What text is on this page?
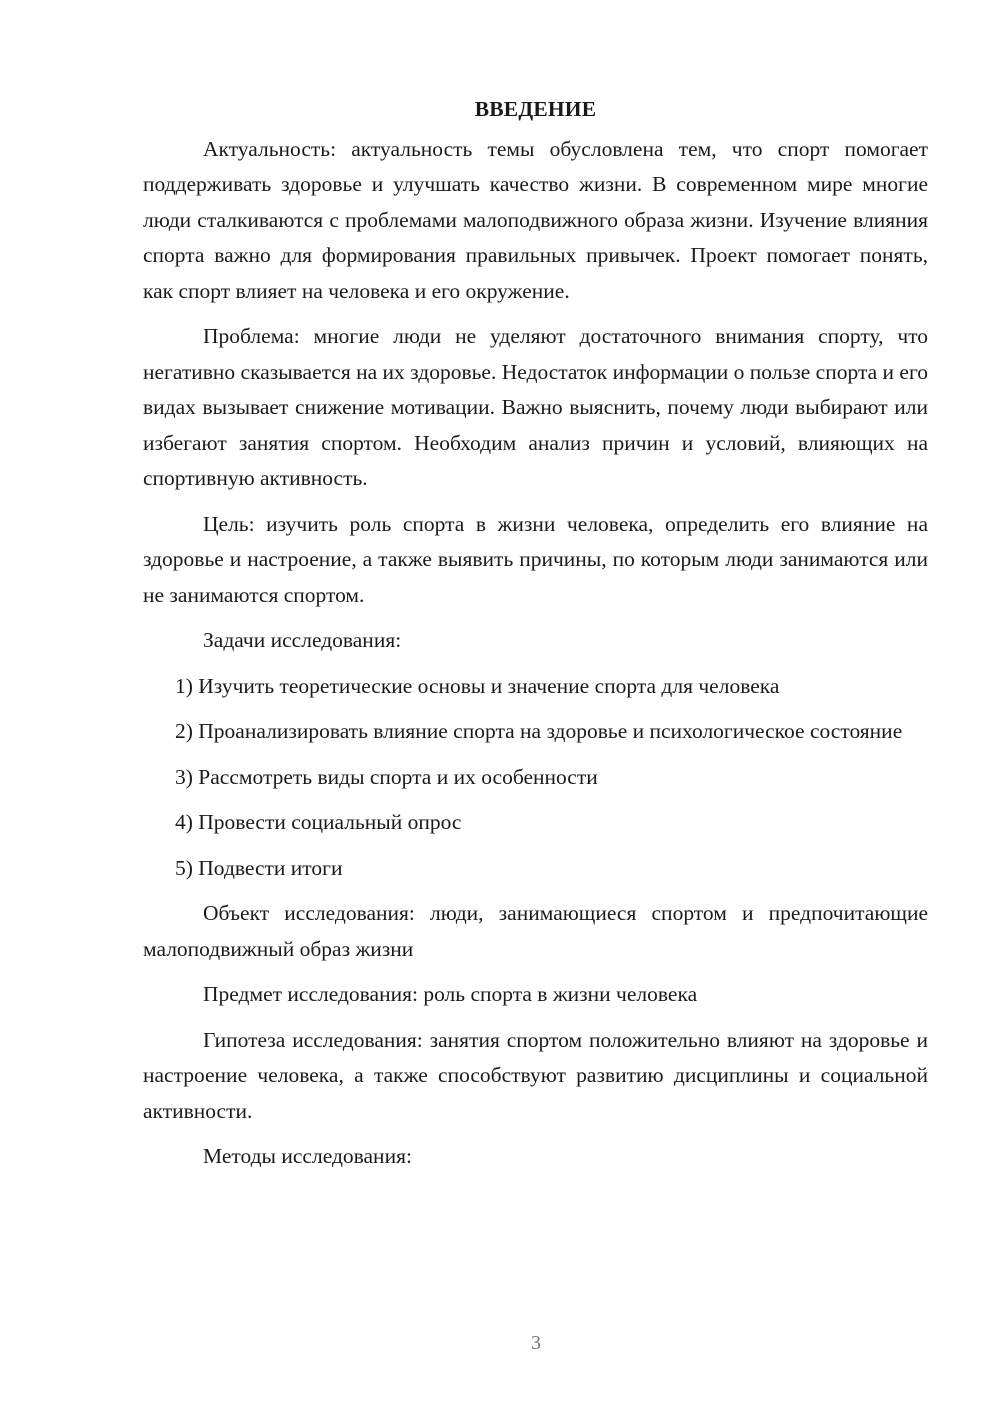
ВВЕДЕНИЕ

Актуальность: актуальность темы обусловлена тем, что спорт помогает поддерживать здоровье и улучшать качество жизни. В современном мире многие люди сталкиваются с проблемами малоподвижного образа жизни. Изучение влияния спорта важно для формирования правильных привычек. Проект помогает понять, как спорт влияет на человека и его окружение.

Проблема: многие люди не уделяют достаточного внимания спорту, что негативно сказывается на их здоровье. Недостаток информации о пользе спорта и его видах вызывает снижение мотивации. Важно выяснить, почему люди выбирают или избегают занятия спортом. Необходим анализ причин и условий, влияющих на спортивную активность.

Цель: изучить роль спорта в жизни человека, определить его влияние на здоровье и настроение, а также выявить причины, по которым люди занимаются или не занимаются спортом.

Задачи исследования:

1) Изучить теоретические основы и значение спорта для человека

2) Проанализировать влияние спорта на здоровье и психологическое состояние

3) Рассмотреть виды спорта и их особенности

4) Провести социальный опрос

5) Подвести итоги

Объект исследования: люди, занимающиеся спортом и предпочитающие малоподвижный образ жизни

Предмет исследования: роль спорта в жизни человека

Гипотеза исследования: занятия спортом положительно влияют на здоровье и настроение человека, а также способствуют развитию дисциплины и социальной активности.

Методы исследования:

3
